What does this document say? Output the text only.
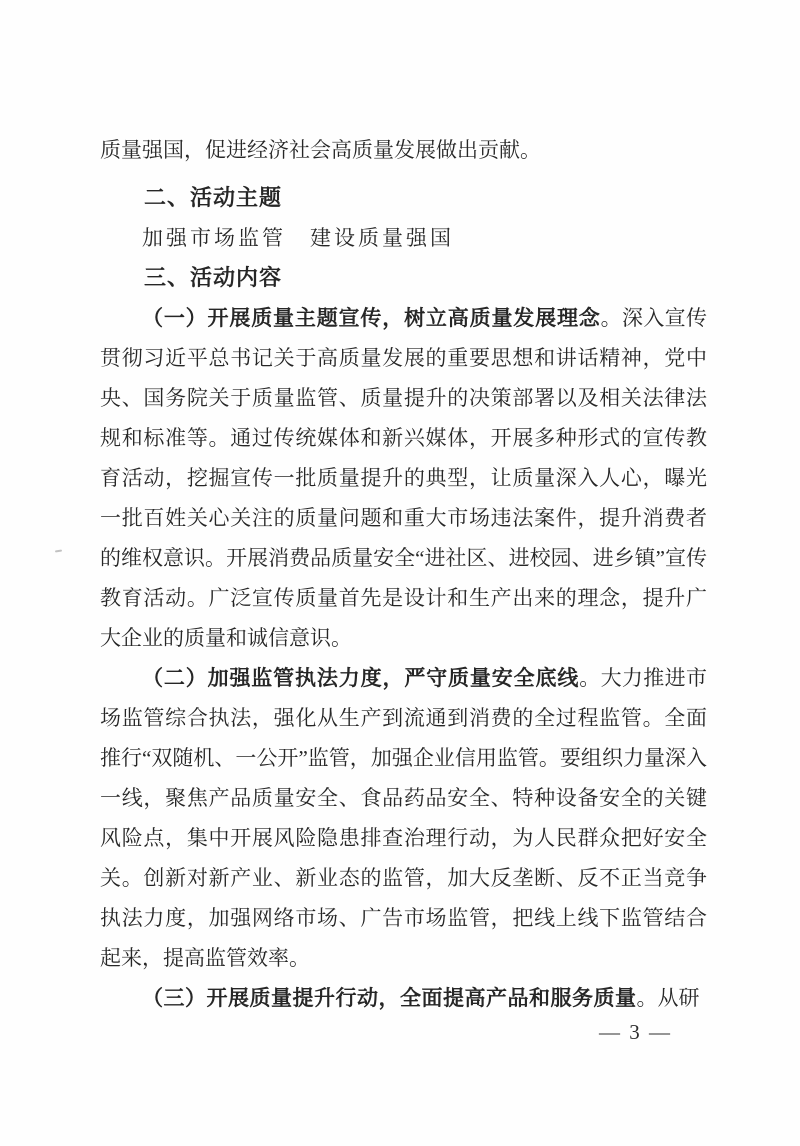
质量强国，促进经济社会高质量发展做出贡献。

二、活动主题

加强市场监管　建设质量强国

三、活动内容

（一）开展质量主题宣传，树立高质量发展理念。深入宣传贯彻习近平总书记关于高质量发展的重要思想和讲话精神，党中央、国务院关于质量监管、质量提升的决策部署以及相关法律法规和标准等。通过传统媒体和新兴媒体，开展多种形式的宣传教育活动，挖掘宣传一批质量提升的典型，让质量深入人心，曝光一批百姓关心关注的质量问题和重大市场违法案件，提升消费者的维权意识。开展消费品质量安全“进社区、进校园、进乡镇”宣传教育活动。广泛宣传质量首先是设计和生产出来的理念，提升广大企业的质量和诚信意识。

（二）加强监管执法力度，严守质量安全底线。大力推进市场监管综合执法，强化从生产到流通到消费的全过程监管。全面推行“双随机、一公开”监管，加强企业信用监管。要组织力量深入一线，聚焦产品质量安全、食品药品安全、特种设备安全的关键风险点，集中开展风险隐患排查治理行动，为人民群众把好安全关。创新对新产业、新业态的监管，加大反垄断、反不正当竞争执法力度，加强网络市场、广告市场监管，把线上线下监管结合起来，提高监管效率。

（三）开展质量提升行动，全面提高产品和服务质量。从研

— 3 —
